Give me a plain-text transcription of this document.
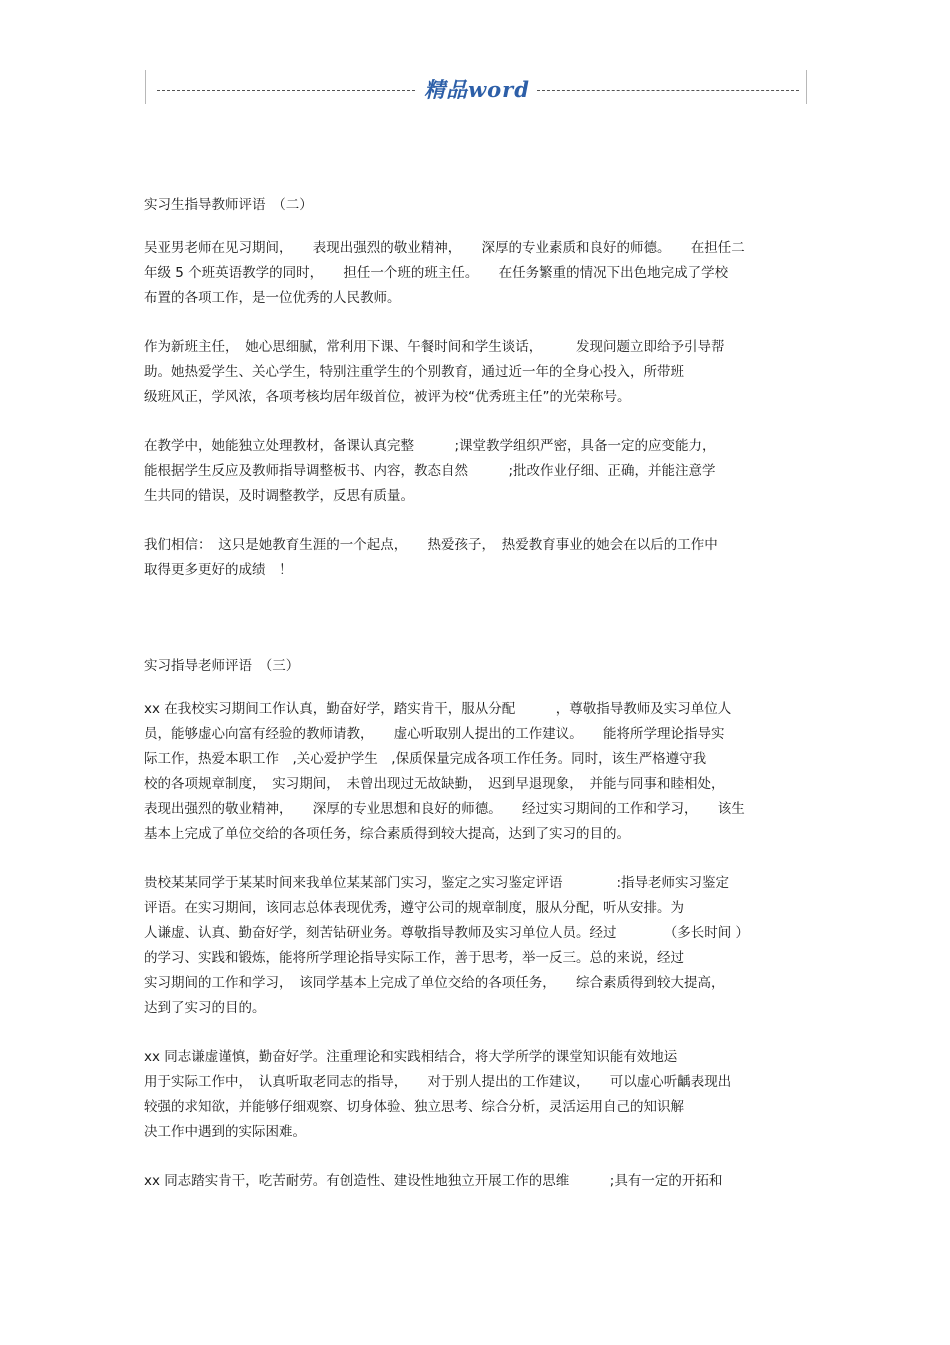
精品word
实习生指导教师评语　（二）
吴亚男老师在见习期间，　　表现出强烈的敬业精神，　　深厚的专业素质和良好的师德。　　在担任二
年级 5 个班英语教学的同时，　　担任一个班的班主任。　　在任务繁重的情况下出色地完成了学校
布置的各项工作，是一位优秀的人民教师。
作为新班主任，　她心思细腻，常利用下课、午餐时间和学生谈话，　　　发现问题立即给予引导帮
助。她热爱学生、关心学生，特别注重学生的个别教育，通过近一年的全身心投入，所带班
级班风正，学风浓，各项考核均居年级首位，被评为校“优秀班主任”的光荣称号。
在教学中，她能独立处理教材，备课认真完整　　　;课堂教学组织严密，具备一定的应变能力，
能根据学生反应及教师指导调整板书、内容，教态自然　　　;批改作业仔细、正确，并能注意学
生共同的错误，及时调整教学，反思有质量。
我们相信：　这只是她教育生涯的一个起点，　　热爱孩子，　热爱教育事业的她会在以后的工作中
取得更多更好的成绩　！
实习指导老师评语　（三）
xx 在我校实习期间工作认真，勤奋好学，踏实肯干，服从分配　　　，尊敬指导教师及实习单位人
员，能够虚心向富有经验的教师请教，　　虚心听取别人提出的工作建议。　　能将所学理论指导实
际工作，热爱本职工作　,关心爱护学生　,保质保量完成各项工作任务。同时，该生严格遵守我
校的各项规章制度，　实习期间，　未曾出现过无故缺勤，　迟到早退现象，　并能与同事和睦相处，
表现出强烈的敬业精神，　　深厚的专业思想和良好的师德。　　经过实习期间的工作和学习，　　该生
基本上完成了单位交给的各项任务，综合素质得到较大提高，达到了实习的目的。
贵校某某同学于某某时间来我单位某某部门实习，鉴定之实习鉴定评语　　　　:指导老师实习鉴定
评语。在实习期间，该同志总体表现优秀，遵守公司的规章制度，服从分配，听从安排。为
人谦虚、认真、勤奋好学，刻苦钻研业务。尊敬指导教师及实习单位人员。经过　　　　（多长时间 ）
的学习、实践和锻炼，能将所学理论指导实际工作，善于思考，举一反三。总的来说，经过
实习期间的工作和学习，　该同学基本上完成了单位交给的各项任务，　　综合素质得到较大提高，
达到了实习的目的。
xx 同志谦虚谨慎，勤奋好学。注重理论和实践相结合，将大学所学的课堂知识能有效地运
用于实际工作中，　认真听取老同志的指导，　　对于别人提出的工作建议，　　可以虚心听齲表现出
较强的求知欲，并能够仔细观察、切身体验、独立思考、综合分析，灵活运用自己的知识解
决工作中遇到的实际困难。
xx 同志踏实肯干，吃苦耐劳。有创造性、建设性地独立开展工作的思维　　　;具有一定的开拓和
